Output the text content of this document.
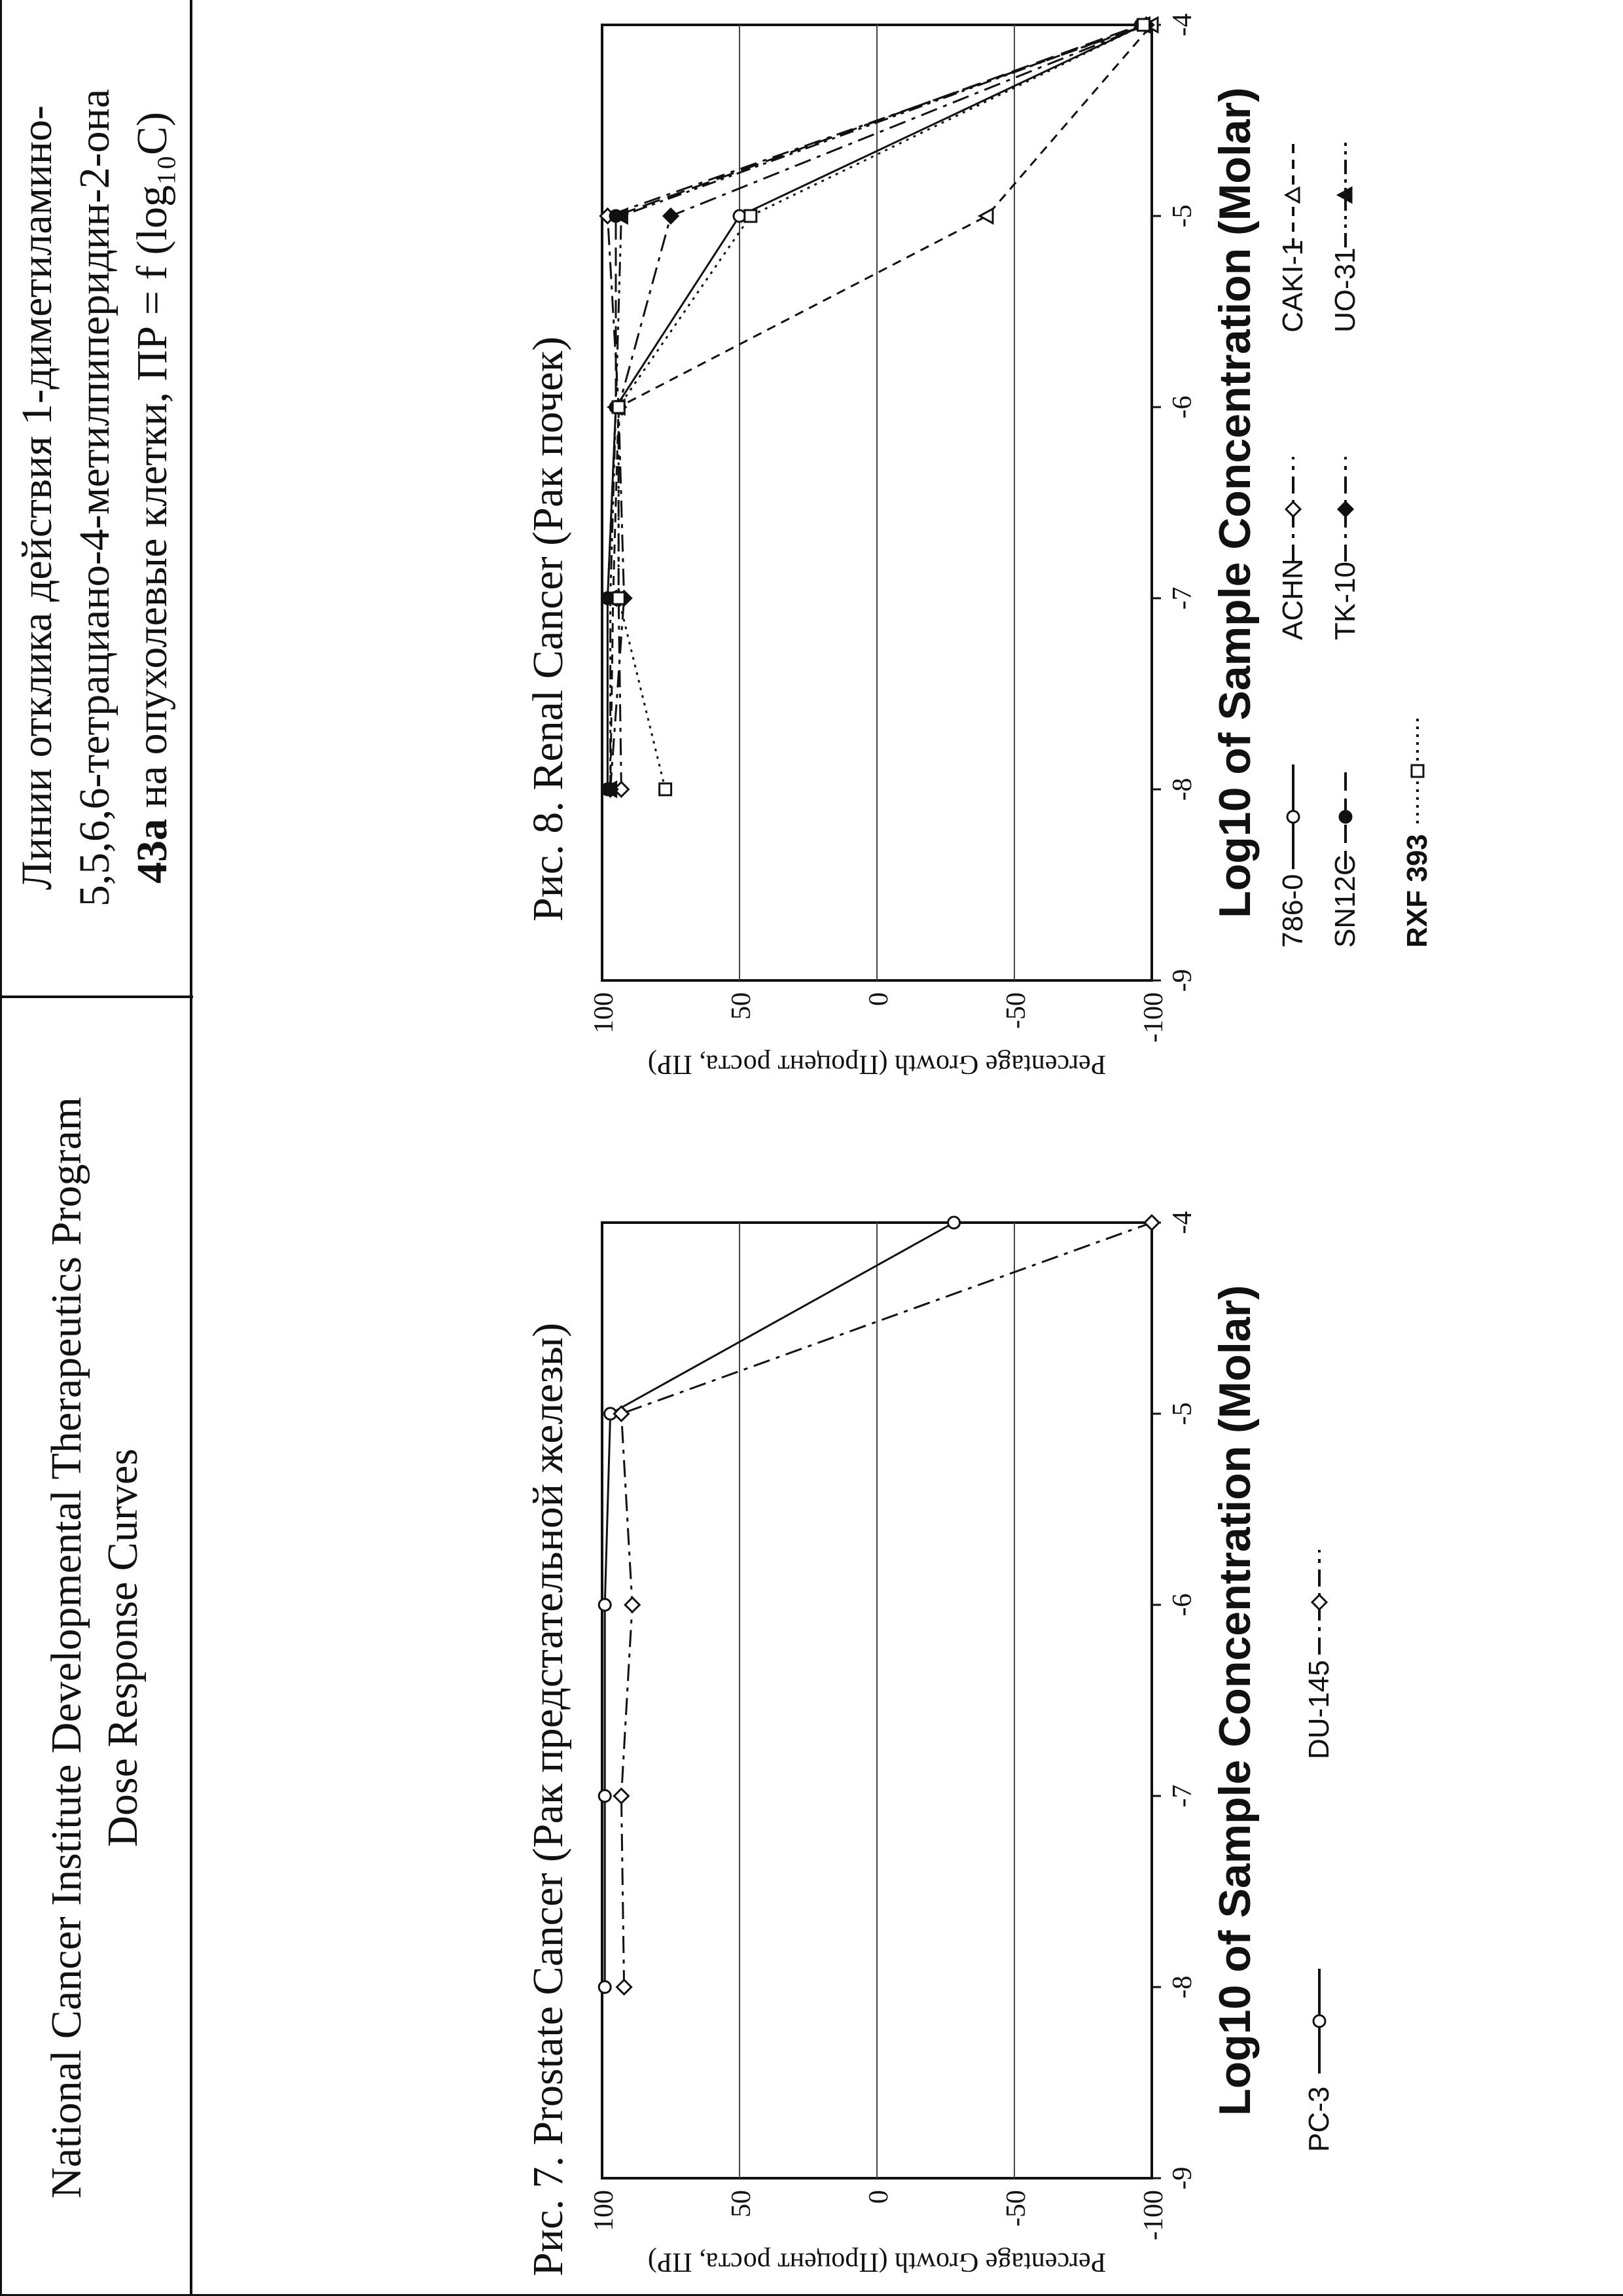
National Cancer Institute Developmental Therapeutics Program Dose Response Curves
Линии отклика действия 1-диметиламино- 5,5,6,6-тетрациано-4-метилпиперидин-2-она 43а на опухолевые клетки, ПР = f (log₁₀C)
Рис. 7. Prostate Cancer (Рак предстательной железы)
Рис. 8. Renal Cancer (Рак почек)
100	50	0	-50	-100
-9
-8
-7
-6
-5
-4
Percentage Growth (Процент роста, ПР)
Log10 of Sample Concentration (Molar)
PC-3
DU-145
100	50	0	-50	-100
-9
-8
-7
-6
-5
-4
Percentage Growth (Процент роста, ПР)
Log10 of Sample Concentration (Molar) 786-0
ACHN
CAKI-1
SN12C
TK-10
UO-31
RXF 393
